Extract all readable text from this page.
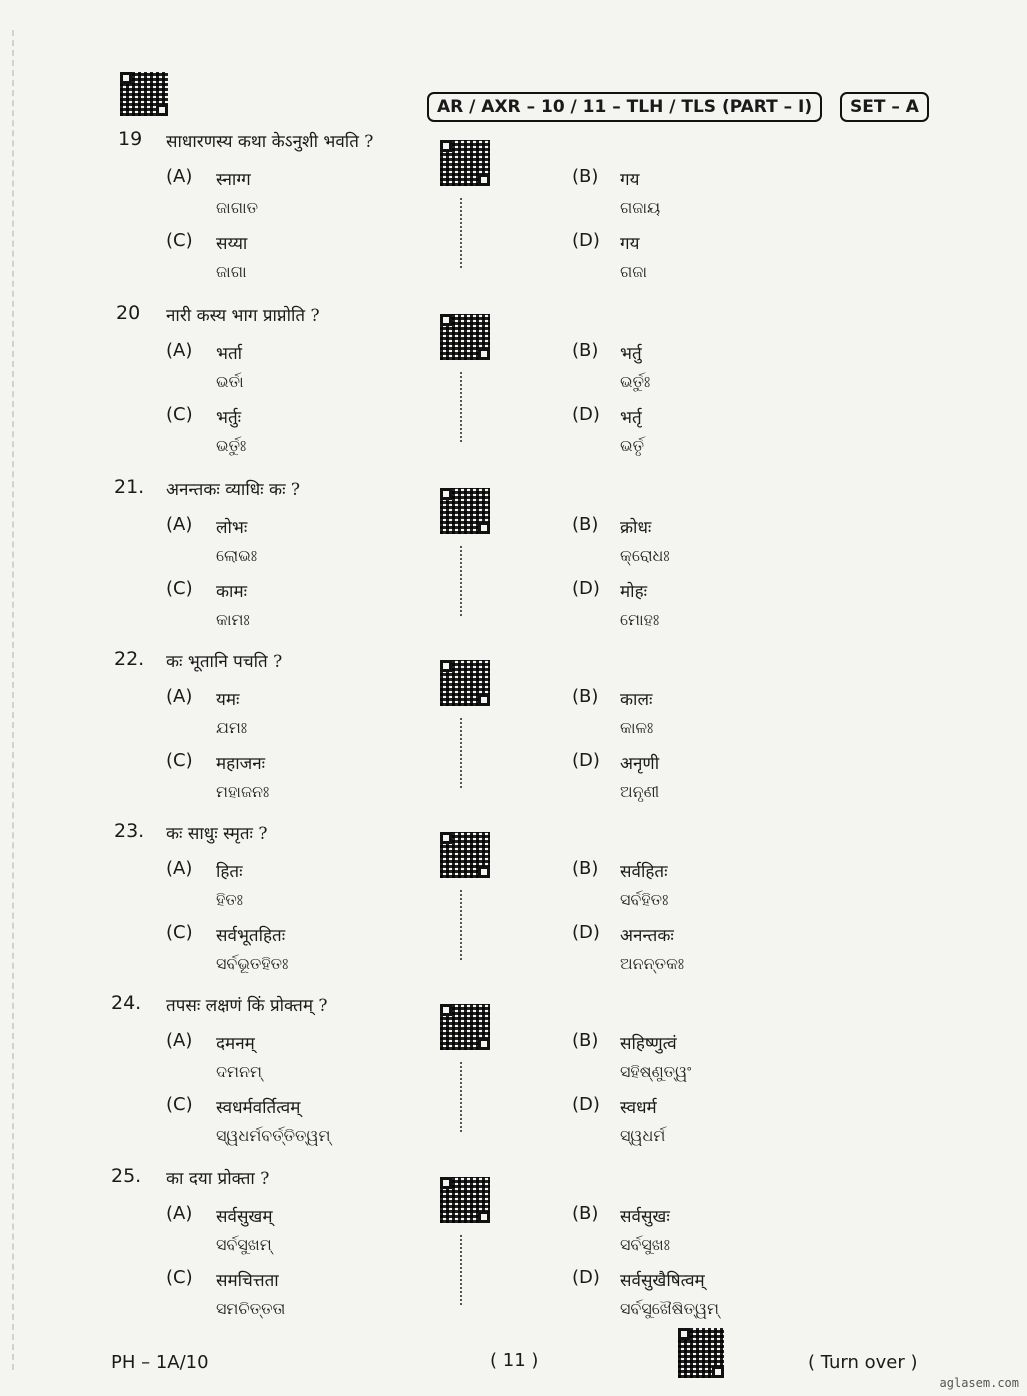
AR / AXR – 10 / 11 – TLH / TLS (PART – I)	SET – A
19 साधारणस्य कथा केऽनुशी भवति ?
(A) स्नाग्ग
ଜାଗାତ
(B) गय
ଗଜାୟ
(C) सय्या
ଜାଗା
(D) गय
ଗଜା
20 नारी कस्य भाग प्राप्नोति ?
(A) भर्ता
ଭର୍ତା
(B) भर्तु
ଭର୍ତୁଃ
(C) भर्तुः
ଭର୍ତୁଃ
(D) भर्तृ
ଭର୍ତୃ
21. अनन्तकः व्याधिः कः ?
(A) लोभः
ଲୋଭଃ
(B) क्रोधः
କ୍ରୋଧଃ
(C) कामः
କାମଃ
(D) मोहः
ମୋହଃ
22. कः भूतानि पचति ?
(A) यमः
ଯମଃ
(B) कालः
କାଳଃ
(C) महाजनः
ମହାଜନଃ
(D) अनृणी
ଅନୃଣୀ
23. कः साधुः स्मृतः ?
(A) हितः
ହିତଃ
(B) सर्वहितः
ସର୍ବହିତଃ
(C) सर्वभूतहितः
ସର୍ବଭୂତହିତଃ
(D) अनन्तकः
ଅନନ୍ତକଃ
24. तपसः लक्षणं किं प्रोक्तम् ?
(A) दमनम्
ଦମନମ୍
(B) सहिष्णुत्वं
ସହିଷ୍ଣୁତ୍ୱଂ
(C) स्वधर्मवर्तित्वम्
ସ୍ୱଧର୍ମବର୍ତ୍ତିତ୍ୱମ୍
(D) स्वधर्म
ସ୍ୱଧର୍ମ
25. का दया प्रोक्ता ?
(A) सर्वसुखम्
ସର୍ବସୁଖମ୍
(B) सर्वसुखः
ସର୍ବସୁଖଃ
(C) समचित्तता
ସମଚିତ୍ତତା
(D) सर्वसुखैषित्वम्
ସର୍ବସୁଖୈଷିତ୍ୱମ୍
PH – 1A/10	( 11 )	( Turn over )
aglasem.com
